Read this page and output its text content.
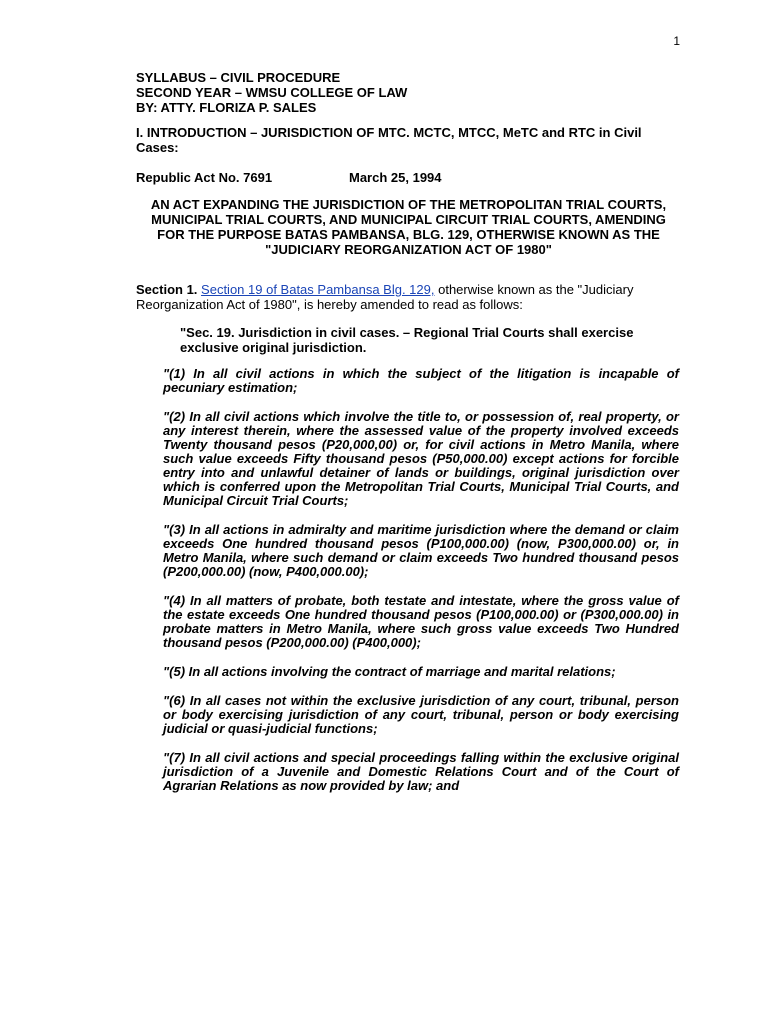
1
SYLLABUS – CIVIL PROCEDURE
SECOND YEAR – WMSU COLLEGE OF LAW
BY: ATTY. FLORIZA P. SALES
I. INTRODUCTION – JURISDICTION OF MTC. MCTC, MTCC, MeTC and RTC in Civil Cases:
Republic Act No. 7691	March 25, 1994
AN ACT EXPANDING THE JURISDICTION OF THE METROPOLITAN TRIAL COURTS, MUNICIPAL TRIAL COURTS, AND MUNICIPAL CIRCUIT TRIAL COURTS, AMENDING FOR THE PURPOSE BATAS PAMBANSA, BLG. 129, OTHERWISE KNOWN AS THE "JUDICIARY REORGANIZATION ACT OF 1980"
Section 1. Section 19 of Batas Pambansa Blg. 129, otherwise known as the "Judiciary Reorganization Act of 1980", is hereby amended to read as follows:
"Sec. 19. Jurisdiction in civil cases. – Regional Trial Courts shall exercise exclusive original jurisdiction.

"(1) In all civil actions in which the subject of the litigation is incapable of pecuniary estimation;

"(2) In all civil actions which involve the title to, or possession of, real property, or any interest therein, where the assessed value of the property involved exceeds Twenty thousand pesos (P20,000,00) or, for civil actions in Metro Manila, where such value exceeds Fifty thousand pesos (P50,000.00) except actions for forcible entry into and unlawful detainer of lands or buildings, original jurisdiction over which is conferred upon the Metropolitan Trial Courts, Municipal Trial Courts, and Municipal Circuit Trial Courts;

"(3) In all actions in admiralty and maritime jurisdiction where the demand or claim exceeds One hundred thousand pesos (P100,000.00) (now, P300,000.00) or, in Metro Manila, where such demand or claim exceeds Two hundred thousand pesos (P200,000.00) (now, P400,000.00);

"(4) In all matters of probate, both testate and intestate, where the gross value of the estate exceeds One hundred thousand pesos (P100,000.00) or (P300,000.00) in probate matters in Metro Manila, where such gross value exceeds Two Hundred thousand pesos (P200,000.00) (P400,000);

"(5) In all actions involving the contract of marriage and marital relations;

"(6) In all cases not within the exclusive jurisdiction of any court, tribunal, person or body exercising jurisdiction of any court, tribunal, person or body exercising judicial or quasi-judicial functions;

"(7) In all civil actions and special proceedings falling within the exclusive original jurisdiction of a Juvenile and Domestic Relations Court and of the Court of Agrarian Relations as now provided by law; and
